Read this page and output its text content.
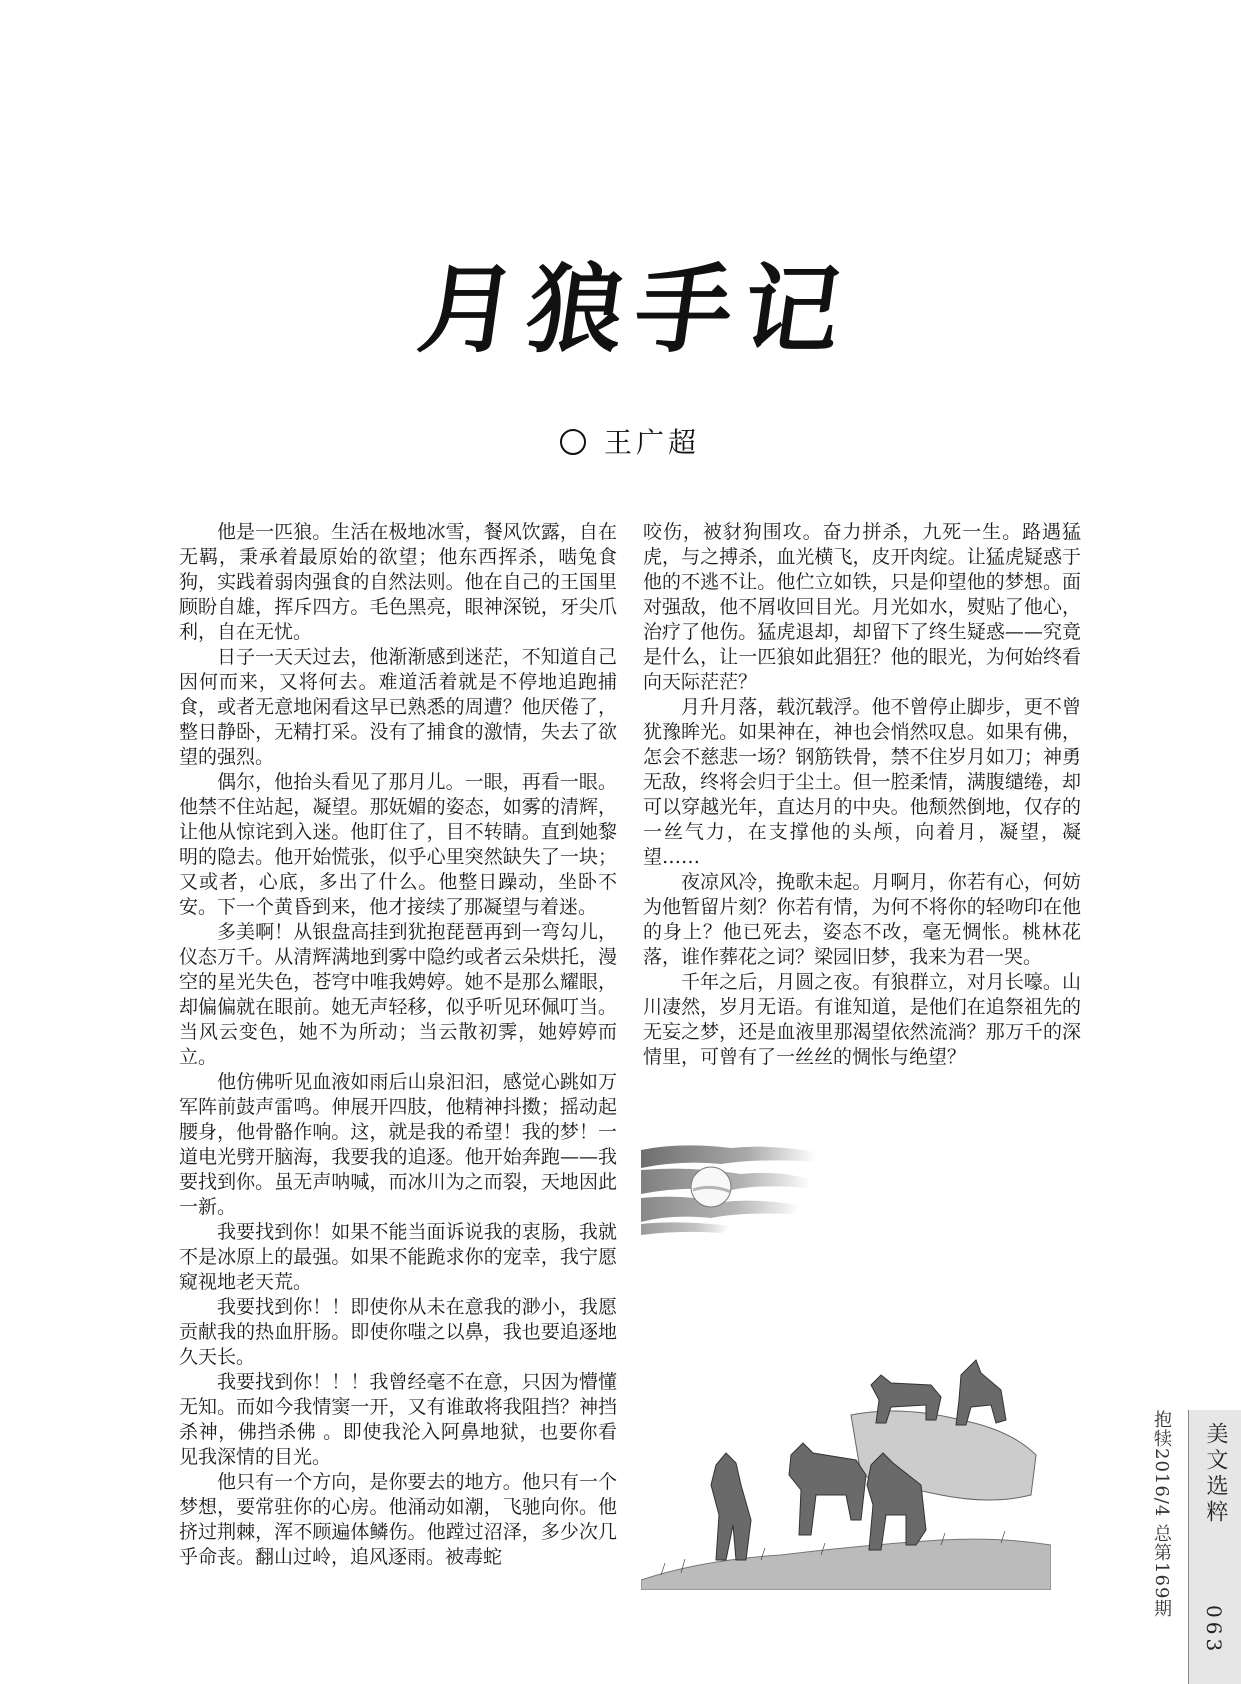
月狼手记
王广超

他是一匹狼。生活在极地冰雪，餐风饮露，自在无羁，秉承着最原始的欲望；他东西挥杀，啮兔食狗，实践着弱肉强食的自然法则。他在自己的王国里顾盼自雄，挥斥四方。毛色黑亮，眼神深锐，牙尖爪利，自在无忧。

日子一天天过去，他渐渐感到迷茫，不知道自己因何而来，又将何去。难道活着就是不停地追跑捕食，或者无意地闲看这早已熟悉的周遭？他厌倦了，整日静卧，无精打采。没有了捕食的激情，失去了欲望的强烈。

偶尔，他抬头看见了那月儿。一眼，再看一眼。他禁不住站起，凝望。那妩媚的姿态，如雾的清辉，让他从惊诧到入迷。他盯住了，目不转睛。直到她黎明的隐去。他开始慌张，似乎心里突然缺失了一块；又或者，心底，多出了什么。他整日躁动，坐卧不安。下一个黄昏到来，他才接续了那凝望与着迷。

多美啊！从银盘高挂到犹抱琵琶再到一弯勾儿，仪态万千。从清辉满地到雾中隐约或者云朵烘托，漫空的星光失色，苍穹中唯我娉婷。她不是那么耀眼，却偏偏就在眼前。她无声轻移，似乎听见环佩叮当。当风云变色，她不为所动；当云散初霁，她婷婷而立。

他仿佛听见血液如雨后山泉汩汩，感觉心跳如万军阵前鼓声雷鸣。伸展开四肢，他精神抖擞；摇动起腰身，他骨骼作响。这，就是我的希望！我的梦！一道电光劈开脑海，我要我的追逐。他开始奔跑——我要找到你。虽无声呐喊，而冰川为之而裂，天地因此一新。

我要找到你！如果不能当面诉说我的衷肠，我就不是冰原上的最强。如果不能跪求你的宠幸，我宁愿窥视地老天荒。

我要找到你！！即使你从未在意我的渺小，我愿贡献我的热血肝肠。即使你嗤之以鼻，我也要追逐地久天长。

我要找到你！！！我曾经毫不在意，只因为懵懂无知。而如今我情窦一开，又有谁敢将我阻挡？神挡杀神，佛挡杀佛 。即使我沦入阿鼻地狱，也要你看见我深情的目光。

他只有一个方向，是你要去的地方。他只有一个梦想，要常驻你的心房。他涌动如潮，飞驰向你。他挤过荆棘，浑不顾遍体鳞伤。他蹚过沼泽，多少次几乎命丧。翻山过岭，追风逐雨。被毒蛇

咬伤，被豺狗围攻。奋力拼杀，九死一生。路遇猛虎，与之搏杀，血光横飞，皮开肉绽。让猛虎疑惑于他的不逃不让。他伫立如铁，只是仰望他的梦想。面对强敌，他不屑收回目光。月光如水，熨贴了他心，治疗了他伤。猛虎退却，却留下了终生疑惑——究竟是什么，让一匹狼如此猖狂？他的眼光，为何始终看向天际茫茫？

月升月落，载沉载浮。他不曾停止脚步，更不曾犹豫眸光。如果神在，神也会悄然叹息。如果有佛，怎会不慈悲一场？钢筋铁骨，禁不住岁月如刀；神勇无敌，终将会归于尘土。但一腔柔情，满腹缱绻，却可以穿越光年，直达月的中央。他颓然倒地，仅存的一丝气力，在支撑他的头颅，向着月，凝望，凝望……

夜凉风冷，挽歌未起。月啊月，你若有心，何妨为他暂留片刻？你若有情，为何不将你的轻吻印在他的身上？他已死去，姿态不改，毫无惆怅。桃林花落，谁作葬花之词？梁园旧梦，我来为君一哭。

千年之后，月圆之夜。有狼群立，对月长嚎。山川凄然，岁月无语。有谁知道，是他们在追祭祖先的无妄之梦，还是血液里那渴望依然流淌？那万千的深情里，可曾有了一丝丝的惆怅与绝望？

抱犊2016/4 总第169期 美文选粹
063
